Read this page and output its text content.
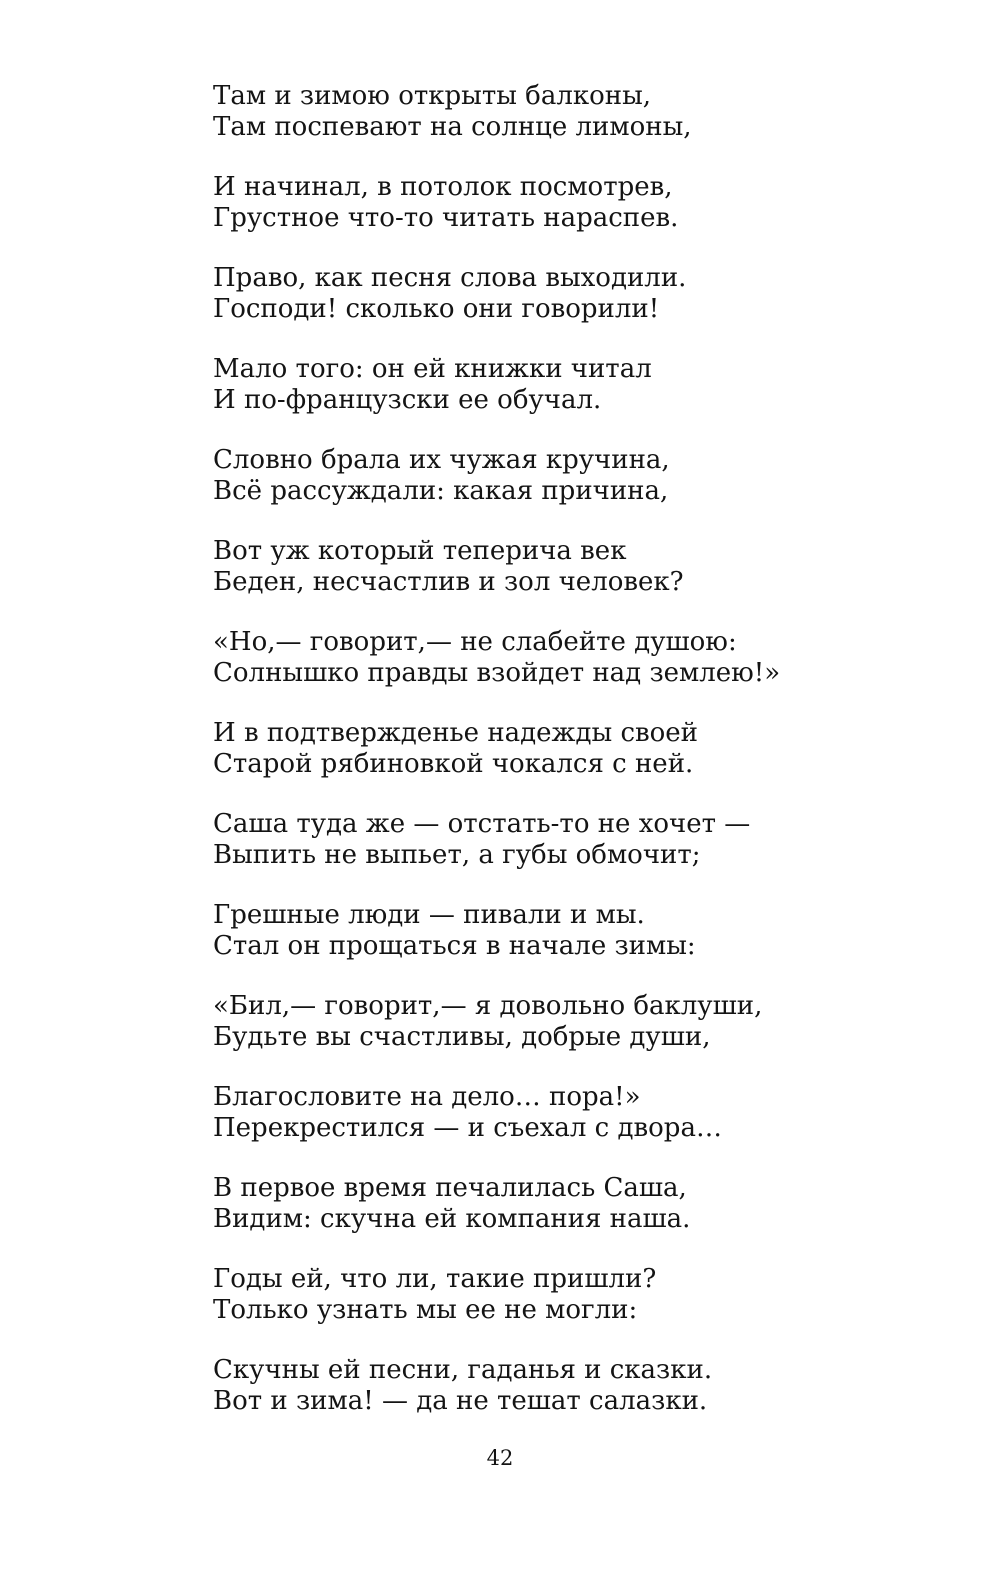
Там и зимою открыты балконы,
Там поспевают на солнце лимоны,
И начинал, в потолок посмотрев,
Грустное что-то читать нараспев.
Право, как песня слова выходили.
Господи! сколько они говорили!
Мало того: он ей книжки читал
И по-французски ее обучал.
Словно брала их чужая кручина,
Всё рассуждали: какая причина,
Вот уж который теперича век
Беден, несчастлив и зол человек?
«Но,— говорит,— не слабейте душою:
Солнышко правды взойдет над землею!»
И в подтвержденье надежды своей
Старой рябиновкой чокался с ней.
Саша туда же — отстать-то не хочет —
Выпить не выпьет, а губы обмочит;
Грешные люди — пивали и мы.
Стал он прощаться в начале зимы:
«Бил,— говорит,— я довольно баклуши,
Будьте вы счастливы, добрые души,
Благословите на дело… пора!»
Перекрестился — и съехал с двора…
В первое время печалилась Саша,
Видим: скучна ей компания наша.
Годы ей, что ли, такие пришли?
Только узнать мы ее не могли:
Скучны ей песни, гаданья и сказки.
Вот и зима! — да не тешат салазки.
42
